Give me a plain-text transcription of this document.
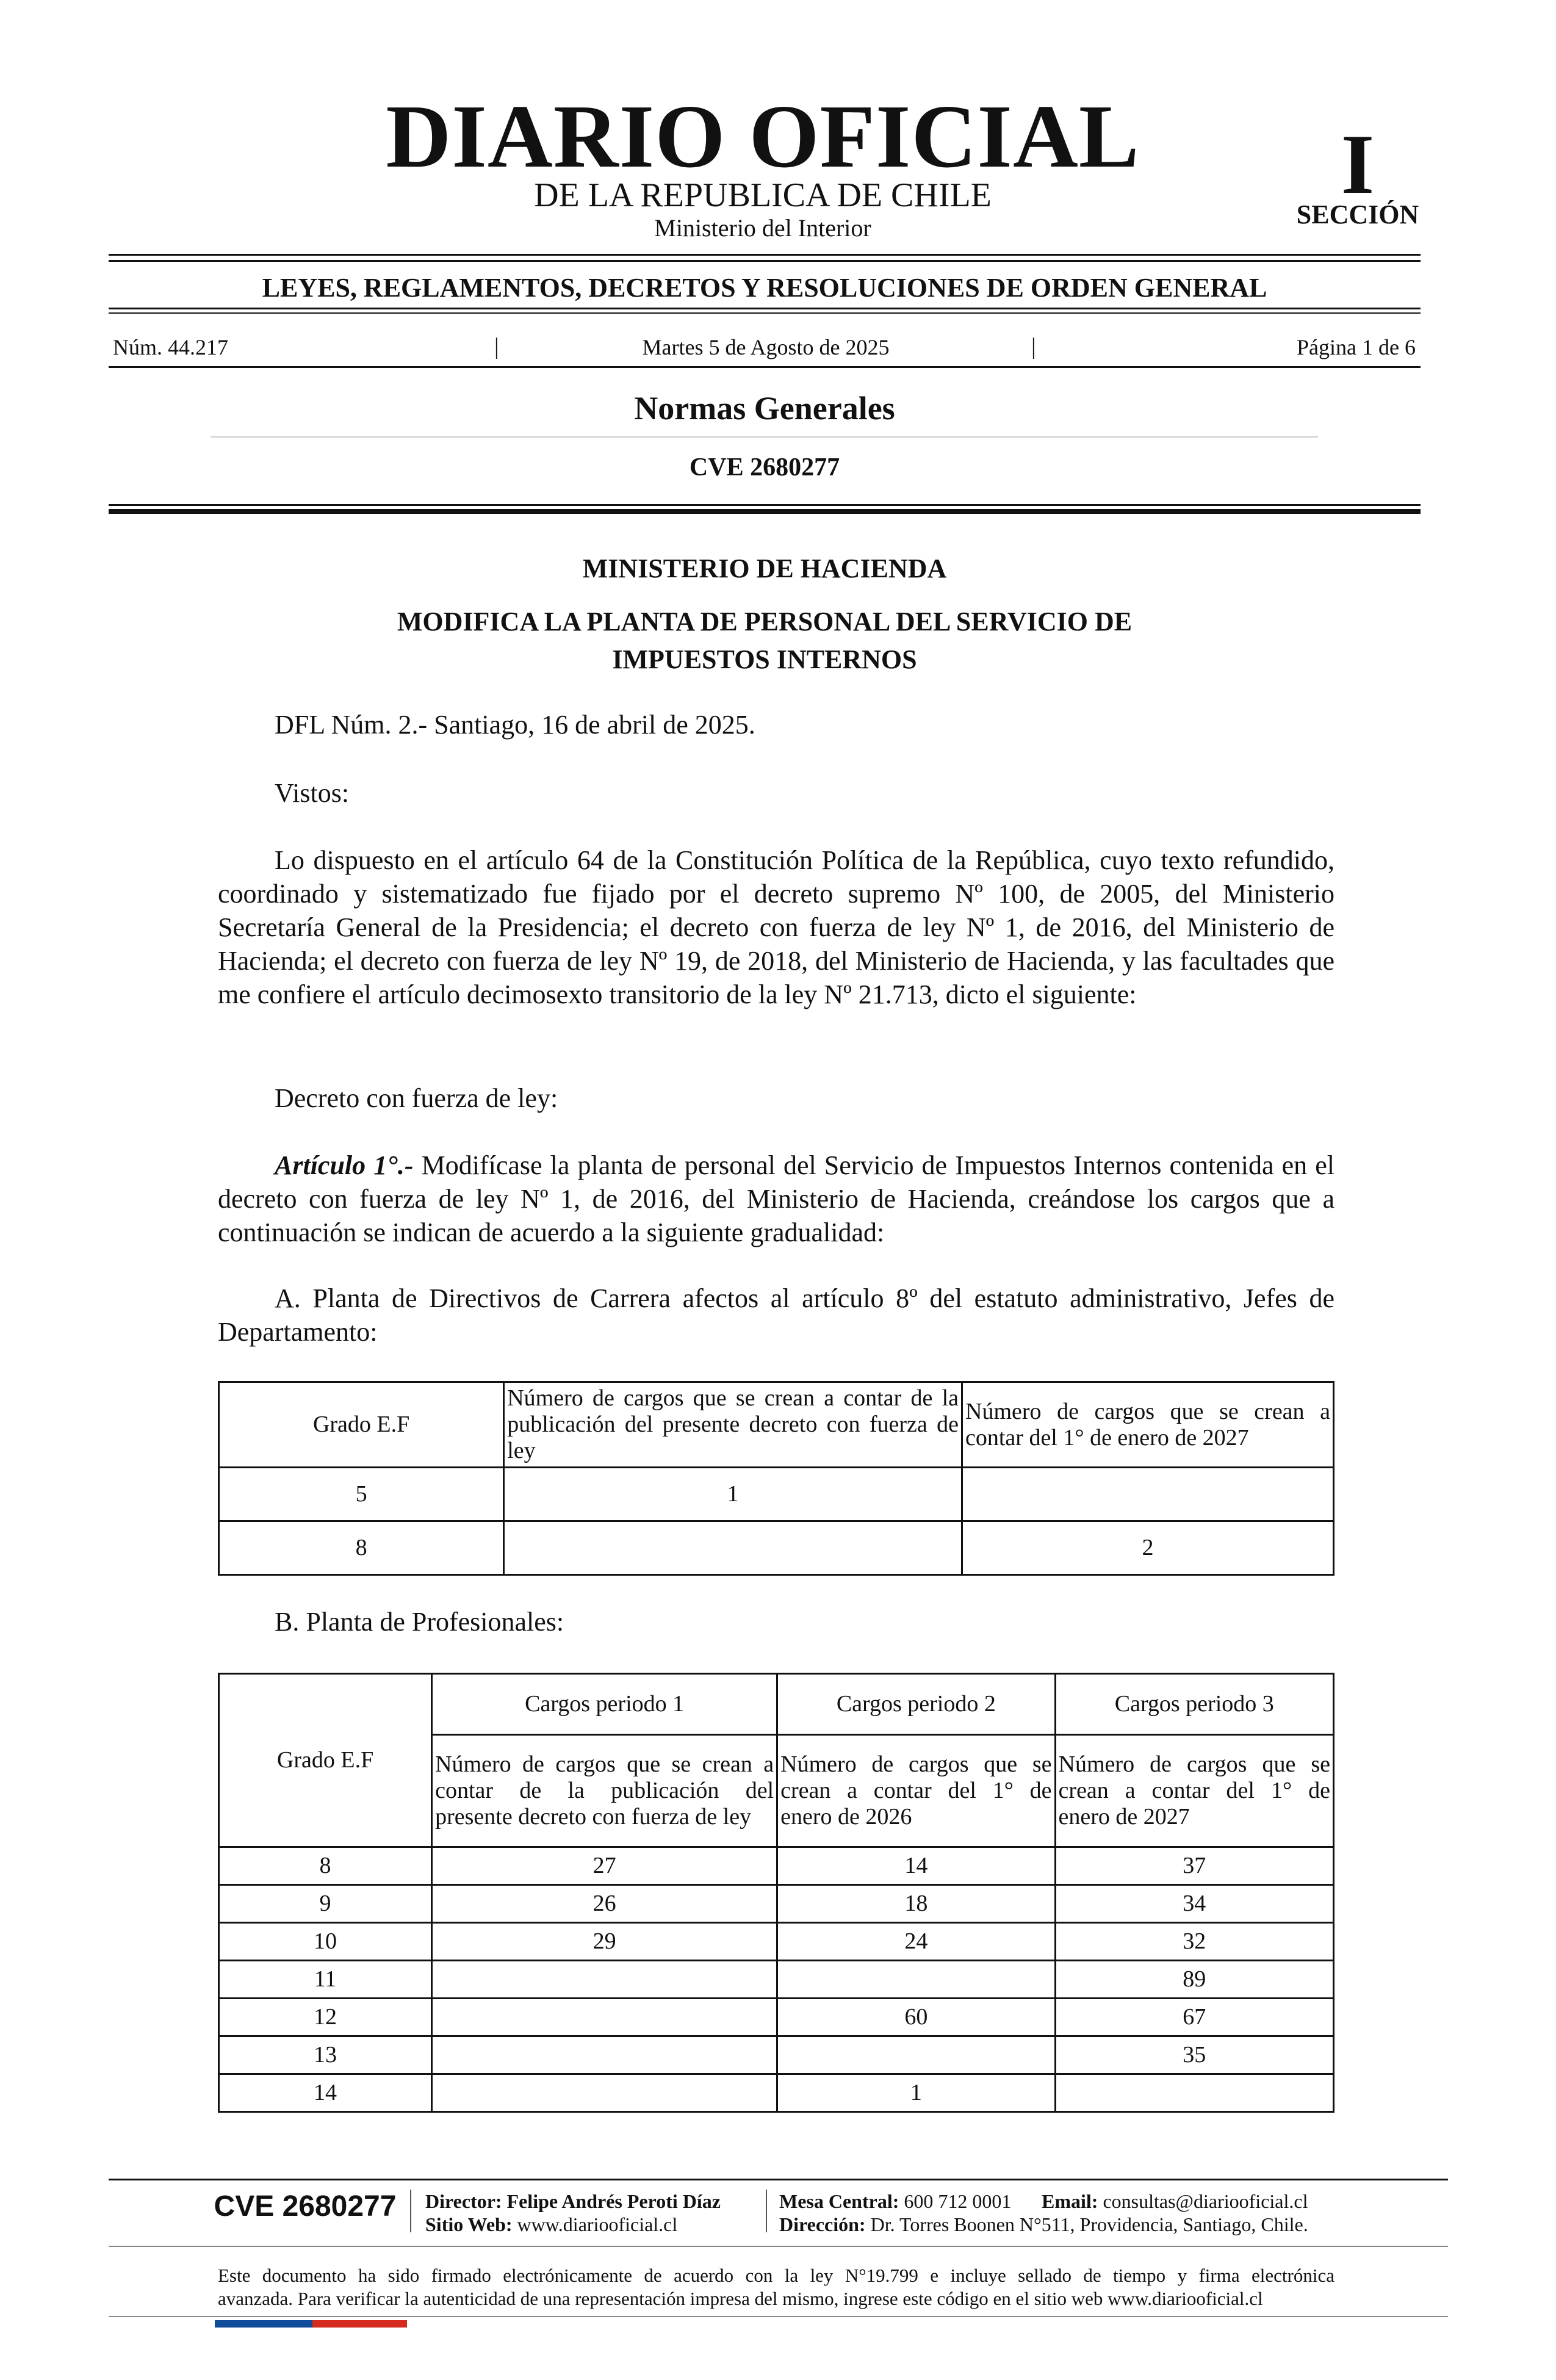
DIARIO OFICIAL
DE LA REPUBLICA DE CHILE
Ministerio del Interior
I
SECCIÓN
LEYES, REGLAMENTOS, DECRETOS Y RESOLUCIONES DE ORDEN GENERAL
Núm. 44.217	|	Martes 5 de Agosto de 2025	|	Página 1 de 6
Normas Generales
CVE 2680277
MINISTERIO DE HACIENDA
MODIFICA LA PLANTA DE PERSONAL DEL SERVICIO DE
IMPUESTOS INTERNOS
DFL Núm. 2.- Santiago, 16 de abril de 2025.
Vistos:
Lo dispuesto en el artículo 64 de la Constitución Política de la República, cuyo texto refundido, coordinado y sistematizado fue fijado por el decreto supremo Nº 100, de 2005, del Ministerio Secretaría General de la Presidencia; el decreto con fuerza de ley Nº 1, de 2016, del Ministerio de Hacienda; el decreto con fuerza de ley Nº 19, de 2018, del Ministerio de Hacienda, y las facultades que me confiere el artículo decimosexto transitorio de la ley Nº 21.713, dicto el siguiente:
Decreto con fuerza de ley:
Artículo 1°.- Modifícase la planta de personal del Servicio de Impuestos Internos contenida en el decreto con fuerza de ley Nº 1, de 2016, del Ministerio de Hacienda, creándose los cargos que a continuación se indican de acuerdo a la siguiente gradualidad:
A. Planta de Directivos de Carrera afectos al artículo 8º del estatuto administrativo, Jefes de Departamento:
Grado E.F	Número de cargos que se crean a contar de la publicación del presente decreto con fuerza de ley	Número de cargos que se crean a contar del 1° de enero de 2027
5	1	
8		2
B. Planta de Profesionales:
Grado E.F	Cargos periodo 1	Cargos periodo 2	Cargos periodo 3
	Número de cargos que se crean a contar de la publicación del presente decreto con fuerza de ley	Número de cargos que se crean a contar del 1° de enero de 2026	Número de cargos que se crean a contar del 1° de enero de 2027
8	27	14	37
9	26	18	34
10	29	24	32
11			89
12		60	67
13			35
14		1	
CVE 2680277	Director: Felipe Andrés Peroti Díaz
Sitio Web: www.diariooficial.cl
Mesa Central: 600 712 0001 Email: consultas@diariooficial.cl
Dirección: Dr. Torres Boonen N°511, Providencia, Santiago, Chile.
Este documento ha sido firmado electrónicamente de acuerdo con la ley N°19.799 e incluye sellado de tiempo y firma electrónica
avanzada. Para verificar la autenticidad de una representación impresa del mismo, ingrese este código en el sitio web www.diariooficial.cl
